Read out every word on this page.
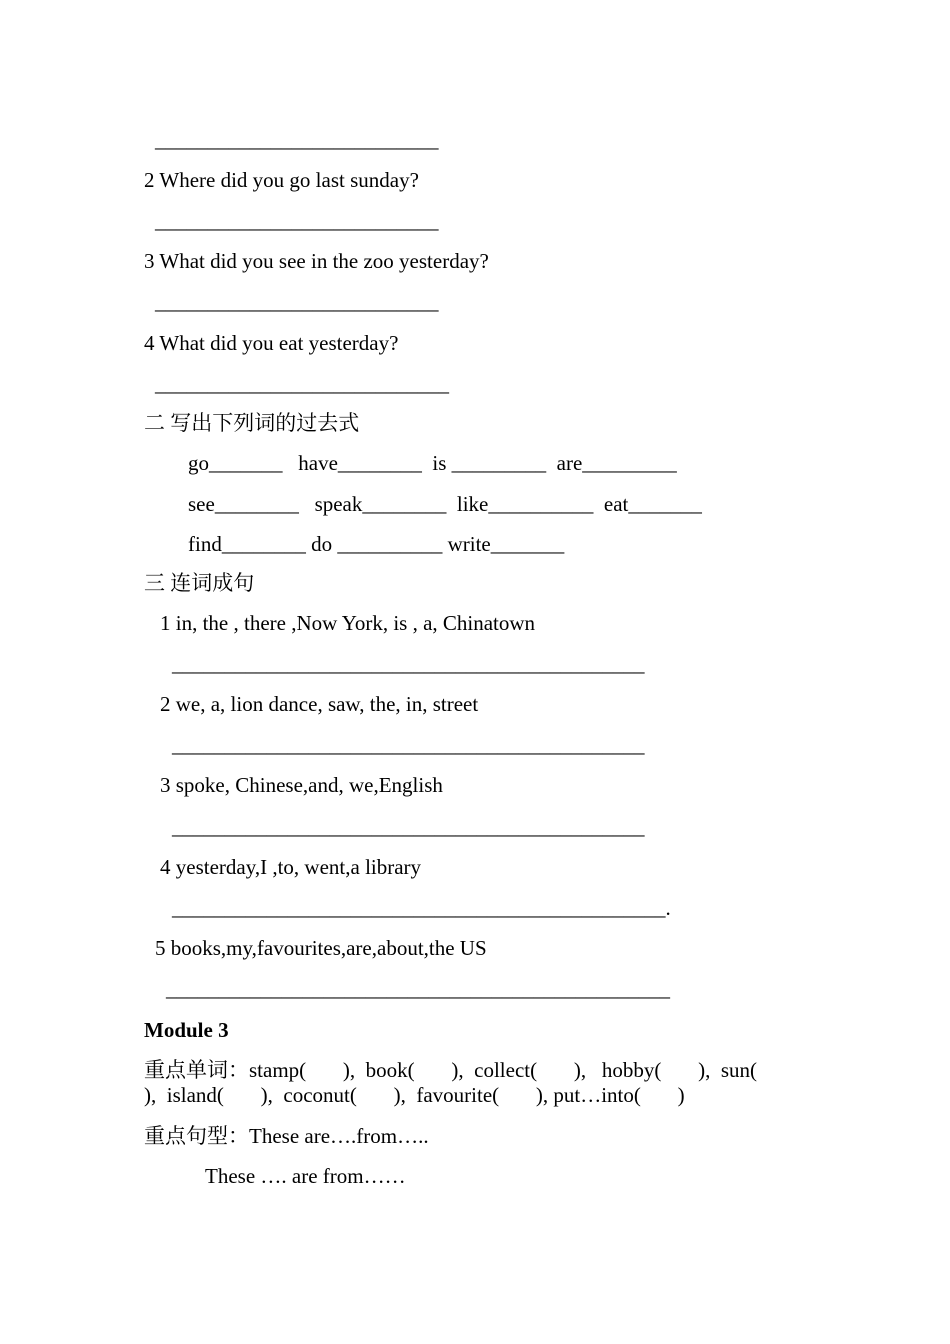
___________________________
2 Where did you go last sunday?
___________________________
3 What did you see in the zoo yesterday?
___________________________
4 What did you eat yesterday?
____________________________
二 写出下列词的过去式
go_______   have________  is _________  are_________
see________   speak________  like__________  eat_______
find________ do __________ write_______
三 连词成句
1 in, the , there ,Now York, is , a, Chinatown
_____________________________________________
2 we, a, lion dance, saw, the, in, street
_____________________________________________
3 spoke, Chinese,and, we,English
_____________________________________________
4 yesterday,I ,to, went,a library
_______________________________________________.
5 books,my,favourites,are,about,the US
________________________________________________
Module 3
重点单词：stamp(       ),  book(       ),  collect(       ),   hobby(       ),  sun(
),  island(       ),  coconut(       ),  favourite(       ), put…into(       )
重点句型：These are….from…..
These …. are from……
